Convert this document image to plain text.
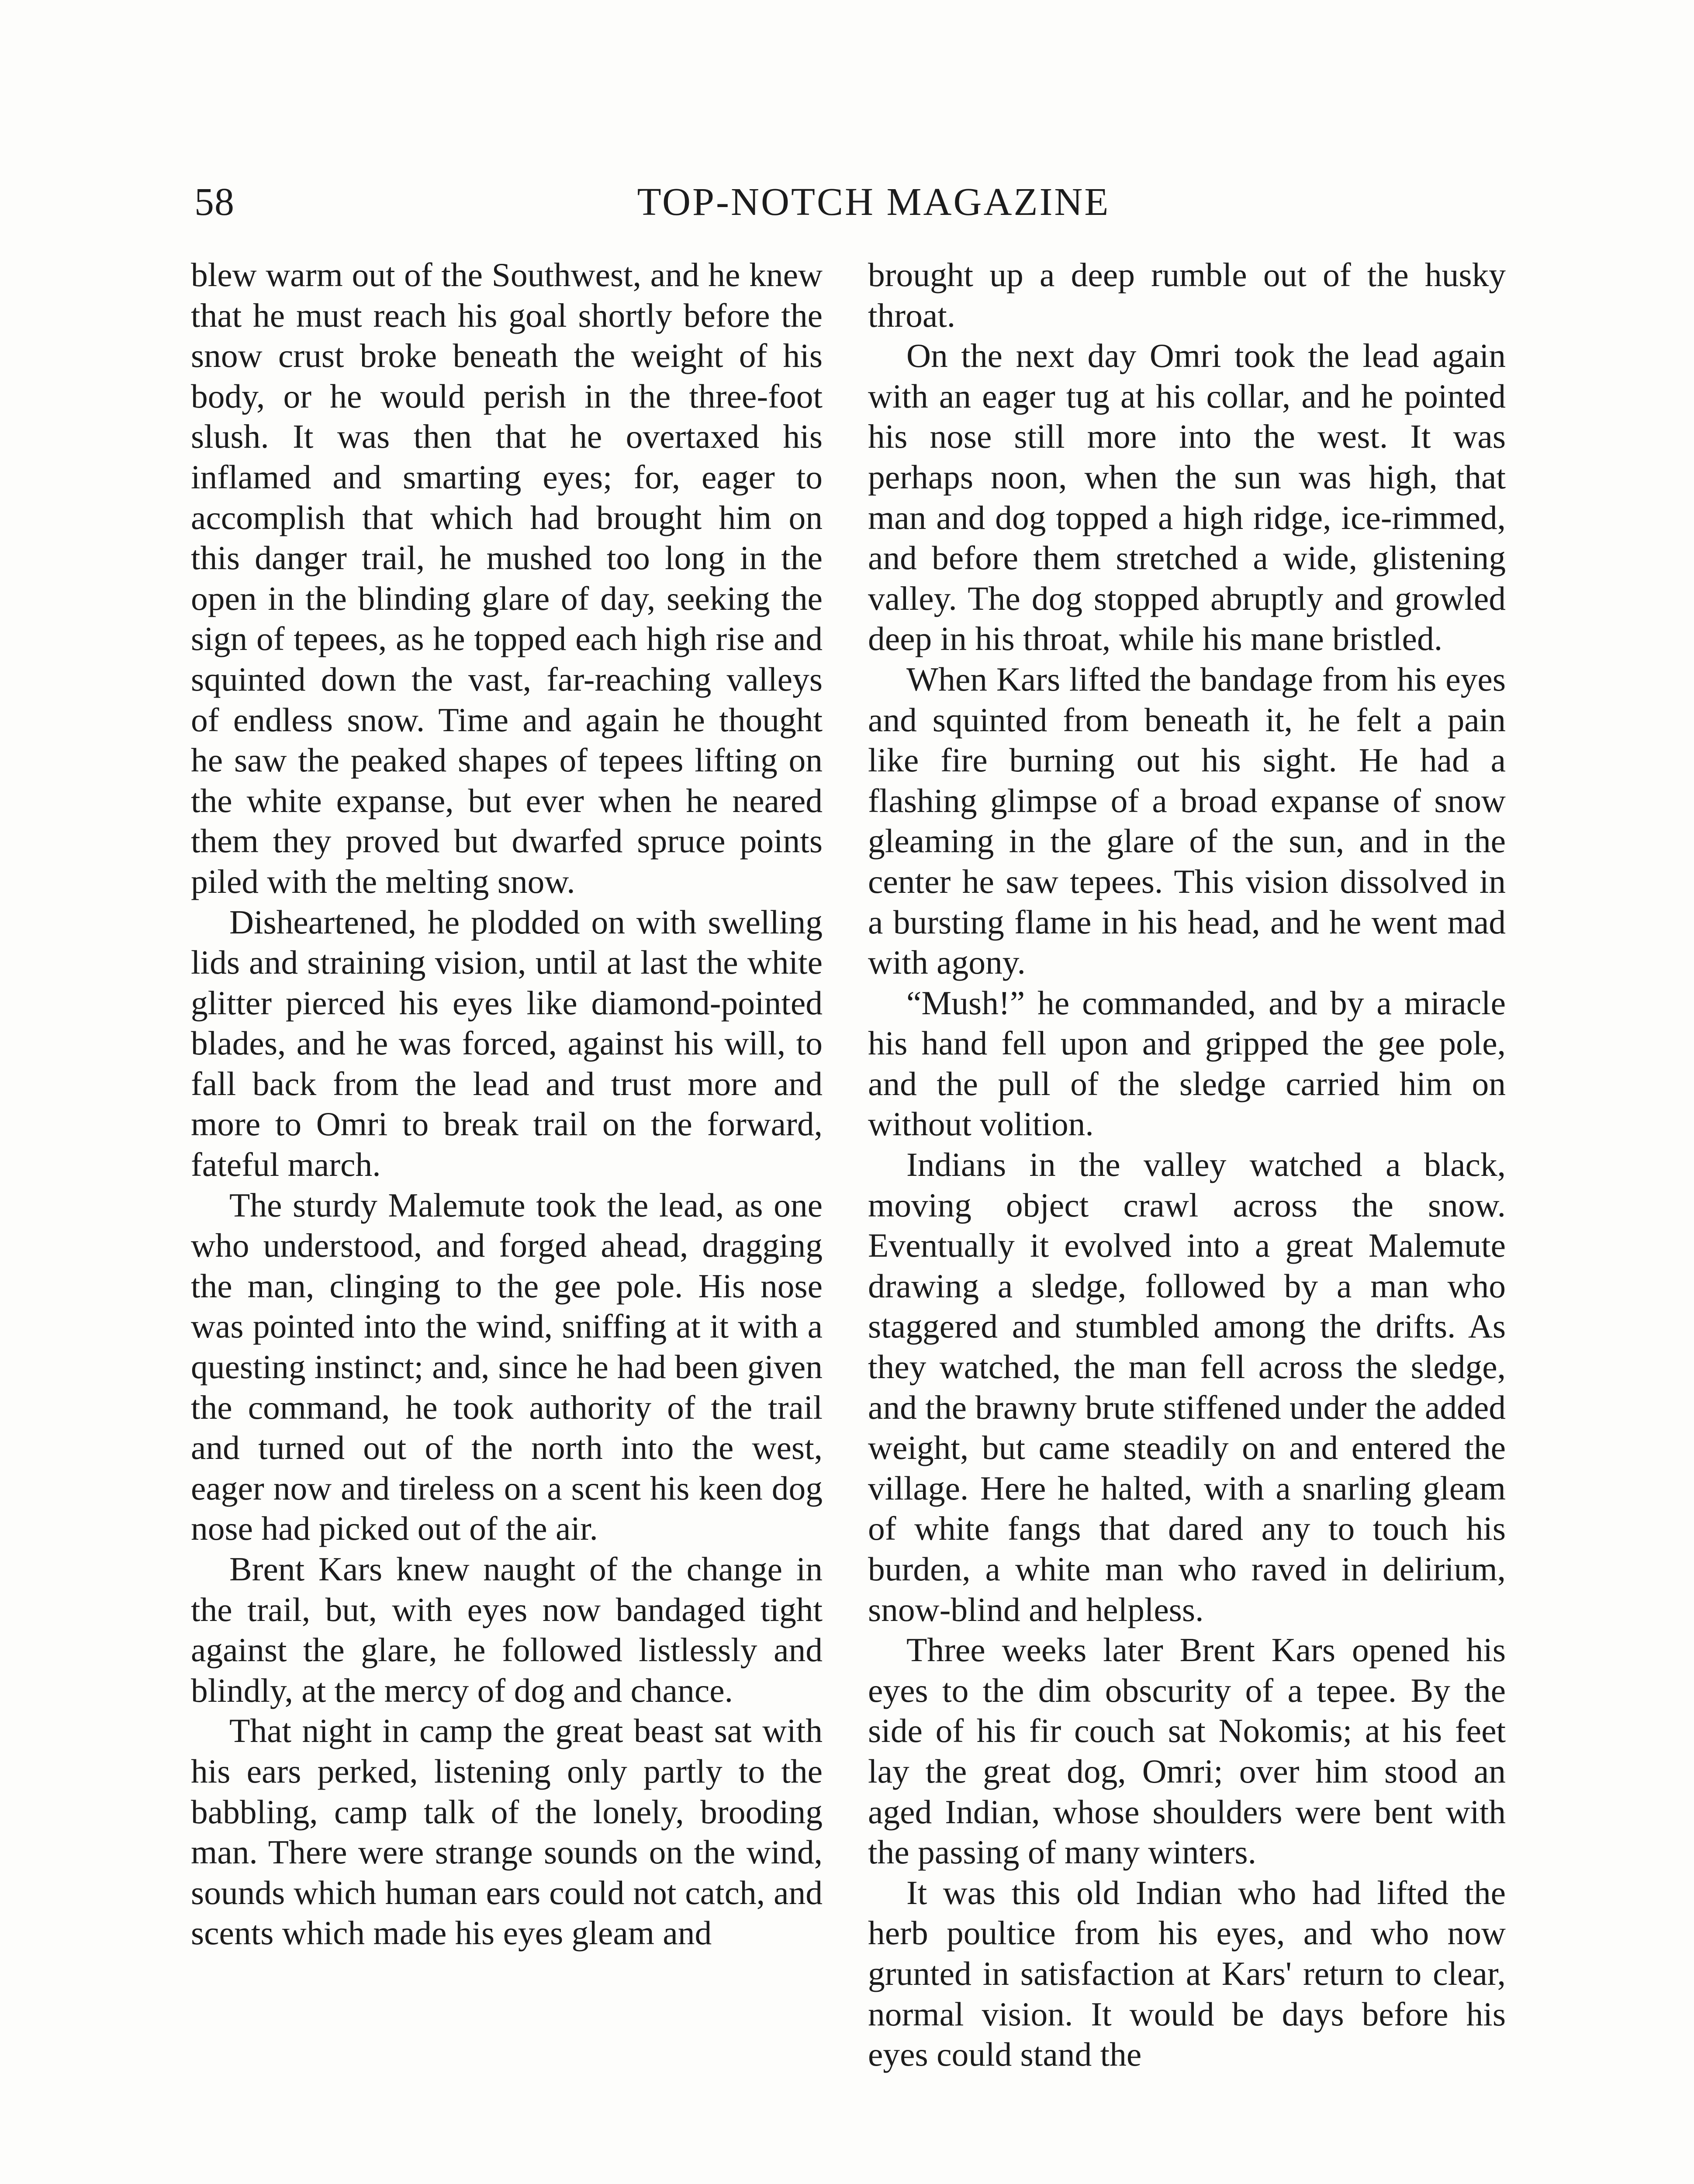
58	TOP-NOTCH MAGAZINE

blew warm out of the Southwest, and he knew that he must reach his goal shortly before the snow crust broke beneath the weight of his body, or he would perish in the three-foot slush. It was then that he overtaxed his inflamed and smarting eyes; for, eager to accomplish that which had brought him on this danger trail, he mushed too long in the open in the blinding glare of day, seeking the sign of tepees, as he topped each high rise and squinted down the vast, far-reaching valleys of endless snow. Time and again he thought he saw the peaked shapes of tepees lifting on the white expanse, but ever when he neared them they proved but dwarfed spruce points piled with the melting snow.

Disheartened, he plodded on with swelling lids and straining vision, until at last the white glitter pierced his eyes like diamond-pointed blades, and he was forced, against his will, to fall back from the lead and trust more and more to Omri to break trail on the forward, fateful march.

The sturdy Malemute took the lead, as one who understood, and forged ahead, dragging the man, clinging to the gee pole. His nose was pointed into the wind, sniffing at it with a questing instinct; and, since he had been given the command, he took authority of the trail and turned out of the north into the west, eager now and tireless on a scent his keen dog nose had picked out of the air.

Brent Kars knew naught of the change in the trail, but, with eyes now bandaged tight against the glare, he followed listlessly and blindly, at the mercy of dog and chance.

That night in camp the great beast sat with his ears perked, listening only partly to the babbling, camp talk of the lonely, brooding man. There were strange sounds on the wind, sounds which human ears could not catch, and scents which made his eyes gleam and

brought up a deep rumble out of the husky throat.

On the next day Omri took the lead again with an eager tug at his collar, and he pointed his nose still more into the west. It was perhaps noon, when the sun was high, that man and dog topped a high ridge, ice-rimmed, and before them stretched a wide, glistening valley. The dog stopped abruptly and growled deep in his throat, while his mane bristled.

When Kars lifted the bandage from his eyes and squinted from beneath it, he felt a pain like fire burning out his sight. He had a flashing glimpse of a broad expanse of snow gleaming in the glare of the sun, and in the center he saw tepees. This vision dissolved in a bursting flame in his head, and he went mad with agony.

“Mush!” he commanded, and by a miracle his hand fell upon and gripped the gee pole, and the pull of the sledge carried him on without volition.

Indians in the valley watched a black, moving object crawl across the snow. Eventually it evolved into a great Malemute drawing a sledge, followed by a man who staggered and stumbled among the drifts. As they watched, the man fell across the sledge, and the brawny brute stiffened under the added weight, but came steadily on and entered the village. Here he halted, with a snarling gleam of white fangs that dared any to touch his burden, a white man who raved in delirium, snow-blind and helpless.

Three weeks later Brent Kars opened his eyes to the dim obscurity of a tepee. By the side of his fir couch sat Nokomis; at his feet lay the great dog, Omri; over him stood an aged Indian, whose shoulders were bent with the passing of many winters.

It was this old Indian who had lifted the herb poultice from his eyes, and who now grunted in satisfaction at Kars' return to clear, normal vision. It would be days before his eyes could stand the
